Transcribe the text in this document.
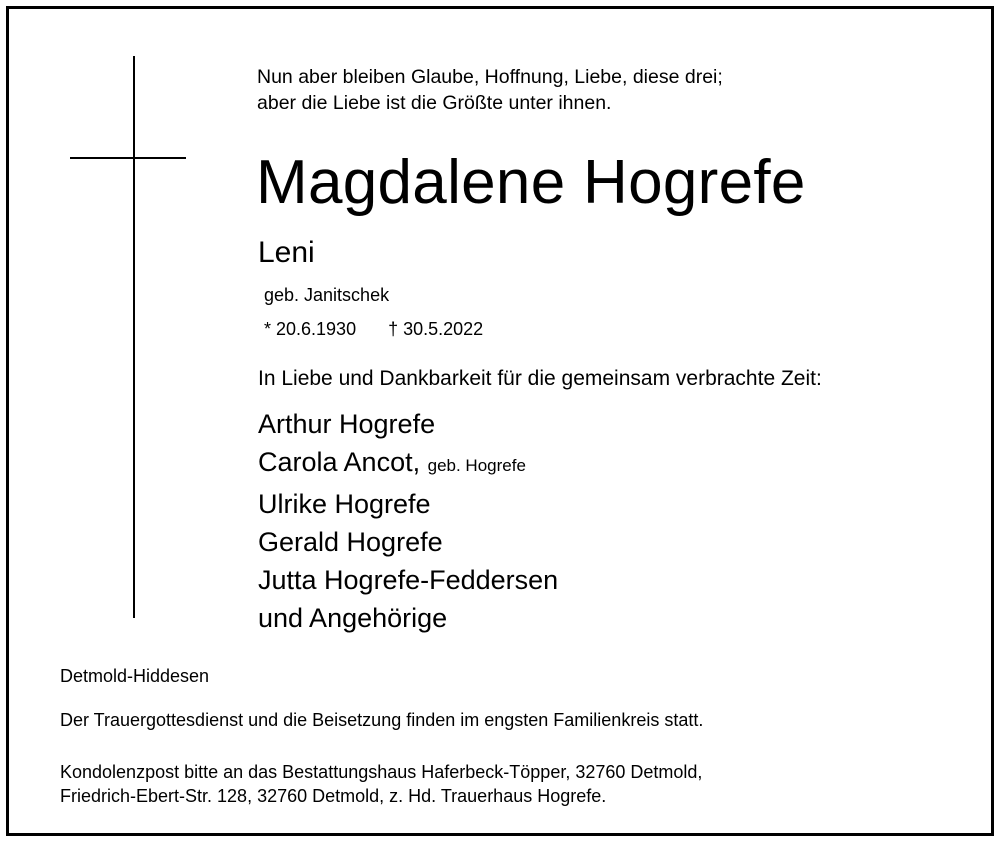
Nun aber bleiben Glaube, Hoffnung, Liebe, diese drei;
aber die Liebe ist die Größte unter ihnen.
Magdalene Hogrefe
Leni
geb. Janitschek
* 20.6.1930 † 30.5.2022
In Liebe und Dankbarkeit für die gemeinsam verbrachte Zeit:
Arthur Hogrefe
Carola Ancot, geb. Hogrefe
Ulrike Hogrefe
Gerald Hogrefe
Jutta Hogrefe-Feddersen
und Angehörige
Detmold-Hiddesen
Der Trauergottesdienst und die Beisetzung finden im engsten Familienkreis statt.
Kondolenzpost bitte an das Bestattungshaus Haferbeck-Töpper, 32760 Detmold,
Friedrich-Ebert-Str. 128, 32760 Detmold, z. Hd. Trauerhaus Hogrefe.
